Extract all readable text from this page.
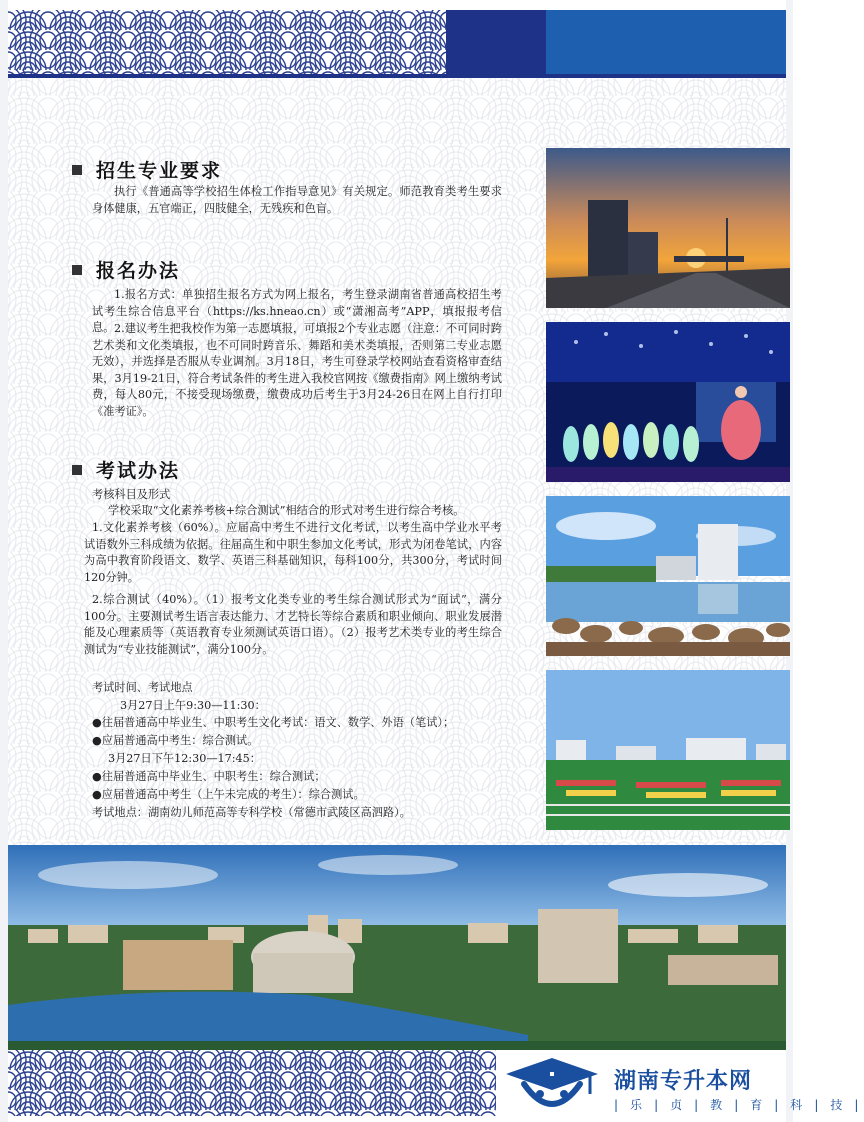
招生专业要求

执行《普通高等学校招生体检工作指导意见》有关规定。师范教育类考生要求身体健康，五官端正，四肢健全，无残疾和色盲。

报名办法

1.报名方式：单独招生报名方式为网上报名，考生登录湖南省普通高校招生考试考生综合信息平台（https://ks.hneao.cn）或“潇湘高考”APP，填报报考信息。 2.建议考生把我校作为第一志愿填报，可填报2个专业志愿（注意：不可同时跨艺术类和文化类填报，也不可同时跨音乐、舞蹈和美术类填报，否则第二专业志愿无效），并选择是否服从专业调剂。3月18日，考生可登录学校网站查看资格审查结果，3月19-21日，符合考试条件的考生进入我校官网按《缴费指南》网上缴纳考试费，每人80元，不接受现场缴费，缴费成功后考生于3月24-26日在网上自行打印《准考证》。

考试办法

考核科目及形式

学校采取“文化素养考核+综合测试”相结合的形式对考生进行综合考核。

1.文化素养考核（60%）。应届高中考生不进行文化考试，以考生高中学业水平考试语数外三科成绩为依据。往届高生和中职生参加文化考试，形式为闭卷笔试，内容为高中教育阶段语文、数学、英语三科基础知识，每科100分，共300分，考试时间120分钟。

2.综合测试（40%）。（1）报考文化类专业的考生综合测试形式为“面试”，满分100分。主要测试考生语言表达能力、才艺特长等综合素质和职业倾向、职业发展潜能及心理素质等（英语教育专业须测试英语口语）。（2）报考艺术类专业的考生综合测试为“专业技能测试”，满分100分。

考试时间、考试地点

3月27日上午9:30—11:30：

●往届普通高中毕业生、中职考生文化考试：语文、数学、外语（笔试）；

●应届普通高中考生：综合测试。

3月27日下午12:30—17:45：

●往届普通高中毕业生、中职考生：综合测试；

●应届普通高中考生（上午未完成的考生）：综合测试。

考试地点：湖南幼儿师范高等专科学校（常德市武陵区高泗路）。

湖南专升本网
| 乐 | 贞 | 教 | 育 | 科 | 技 |
